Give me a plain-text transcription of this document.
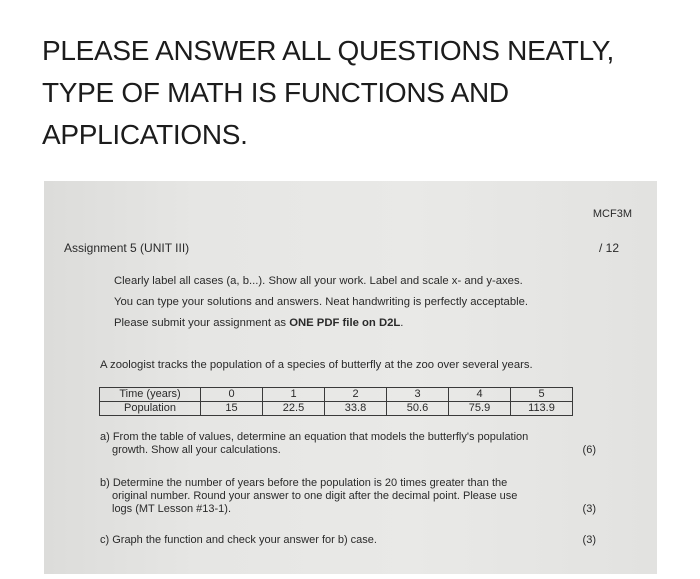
PLEASE ANSWER ALL QUESTIONS NEATLY,
TYPE OF MATH IS FUNCTIONS AND
APPLICATIONS.
MCF3M
Assignment 5 (UNIT III)	/ 12
Clearly label all cases (a, b...). Show all your work. Label and scale x- and y-axes.
You can type your solutions and answers. Neat handwriting is perfectly acceptable.
Please submit your assignment as ONE PDF file on D2L.
A zoologist tracks the population of a species of butterfly at the zoo over several years.
Time (years)	0	1	2	3	4	5
Population	15	22.5	33.8	50.6	75.9	113.9
a) From the table of values, determine an equation that models the butterfly's population
growth. Show all your calculations.	(6)
b) Determine the number of years before the population is 20 times greater than the
original number. Round your answer to one digit after the decimal point. Please use
logs (MT Lesson #13-1).	(3)
c) Graph the function and check your answer for b) case.	(3)
